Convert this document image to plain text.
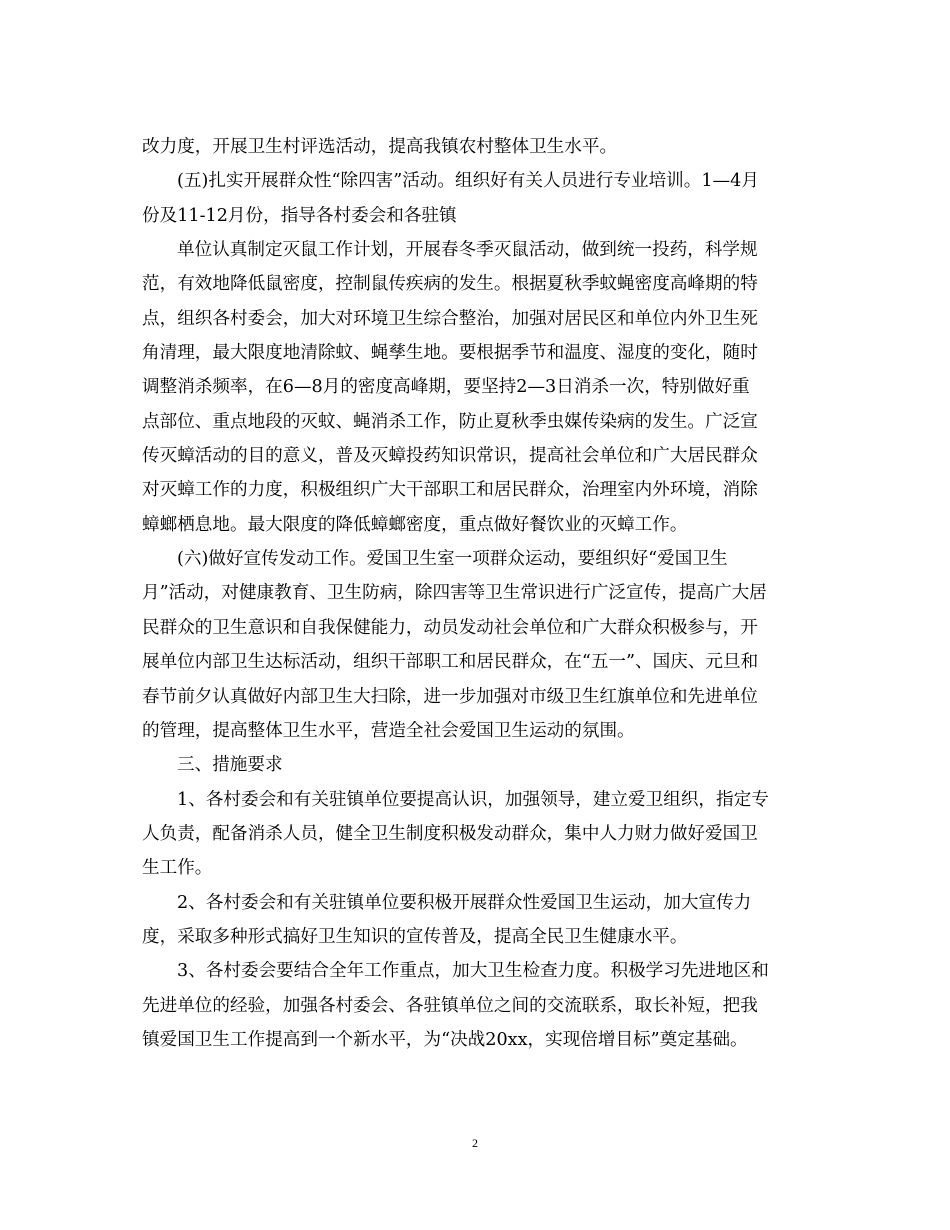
改力度，开展卫生村评选活动，提高我镇农村整体卫生水平。
(五)扎实开展群众性“除四害”活动。组织好有关人员进行专业培训。1—4月
份及11-12月份，指导各村委会和各驻镇
单位认真制定灭鼠工作计划，开展春冬季灭鼠活动，做到统一投药，科学规
范，有效地降低鼠密度，控制鼠传疾病的发生。根据夏秋季蚊蝇密度高峰期的特
点，组织各村委会，加大对环境卫生综合整治，加强对居民区和单位内外卫生死
角清理，最大限度地清除蚊、蝇孳生地。要根据季节和温度、湿度的变化，随时
调整消杀频率，在6—8月的密度高峰期，要坚持2—3日消杀一次，特别做好重
点部位、重点地段的灭蚊、蝇消杀工作，防止夏秋季虫媒传染病的发生。广泛宣
传灭蟑活动的目的意义，普及灭蟑投药知识常识，提高社会单位和广大居民群众
对灭蟑工作的力度，积极组织广大干部职工和居民群众，治理室内外环境，消除
蟑螂栖息地。最大限度的降低蟑螂密度，重点做好餐饮业的灭蟑工作。
(六)做好宣传发动工作。爱国卫生室一项群众运动，要组织好“爱国卫生
月”活动，对健康教育、卫生防病，除四害等卫生常识进行广泛宣传，提高广大居
民群众的卫生意识和自我保健能力，动员发动社会单位和广大群众积极参与，开
展单位内部卫生达标活动，组织干部职工和居民群众，在“五一”、国庆、元旦和
春节前夕认真做好内部卫生大扫除，进一步加强对市级卫生红旗单位和先进单位
的管理，提高整体卫生水平，营造全社会爱国卫生运动的氛围。
三、措施要求
1、各村委会和有关驻镇单位要提高认识，加强领导，建立爱卫组织，指定专
人负责，配备消杀人员，健全卫生制度积极发动群众，集中人力财力做好爱国卫
生工作。
2、各村委会和有关驻镇单位要积极开展群众性爱国卫生运动，加大宣传力
度，采取多种形式搞好卫生知识的宣传普及，提高全民卫生健康水平。
3、各村委会要结合全年工作重点，加大卫生检查力度。积极学习先进地区和
先进单位的经验，加强各村委会、各驻镇单位之间的交流联系，取长补短，把我
镇爱国卫生工作提高到一个新水平，为“决战20xx，实现倍增目标”奠定基础。
2
